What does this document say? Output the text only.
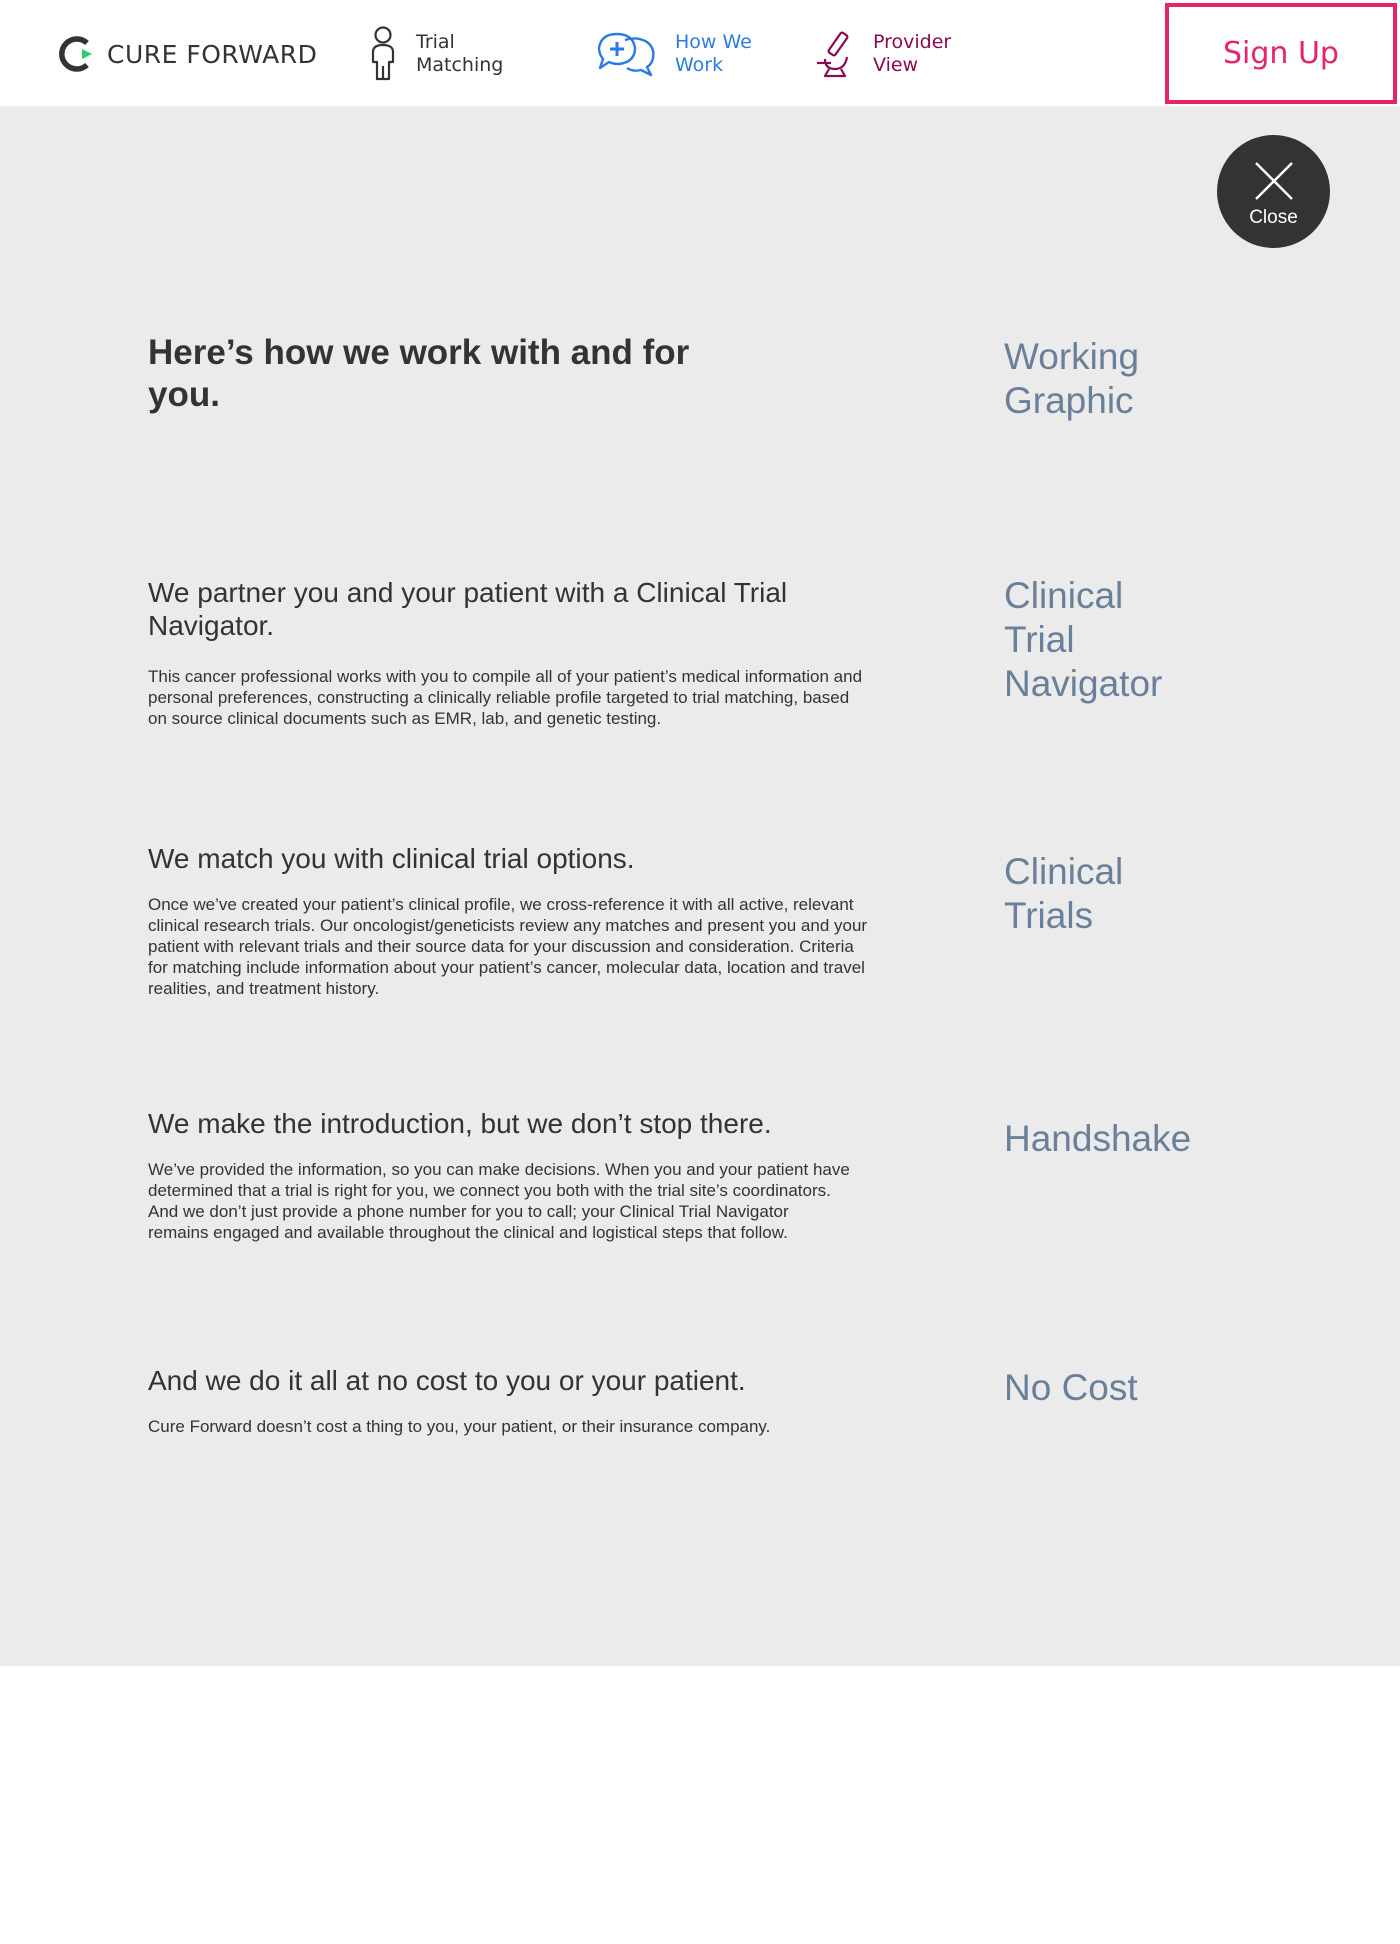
CURE FORWARD	Trial
Matching
How We
Work
Provider
View	Sign Up
Close
Here’s how we work with and for you.
We partner you and your patient with a Clinical Trial Navigator.
This cancer professional works with you to compile all of your patient’s medical information and personal preferences, constructing a clinically reliable profile targeted to trial matching, based on source clinical documents such as EMR, lab, and genetic testing.
We match you with clinical trial options.
Once we’ve created your patient’s clinical profile, we cross-reference it with all active, relevant clinical research trials. Our oncologist/geneticists review any matches and present you and your patient with relevant trials and their source data for your discussion and consideration. Criteria for matching include information about your patient’s cancer, molecular data, location and travel realities, and treatment history.
We make the introduction, but we don’t stop there.
We’ve provided the information, so you can make decisions. When you and your patient have determined that a trial is right for you, we connect you both with the trial site’s coordinators. And we don’t just provide a phone number for you to call; your Clinical Trial Navigator remains engaged and available throughout the clinical and logistical steps that follow.
And we do it all at no cost to you or your patient.
Cure Forward doesn’t cost a thing to you, your patient, or their insurance company.
Working Graphic
Clinical Trial Navigator
Clinical Trials
Handshake
No Cost
